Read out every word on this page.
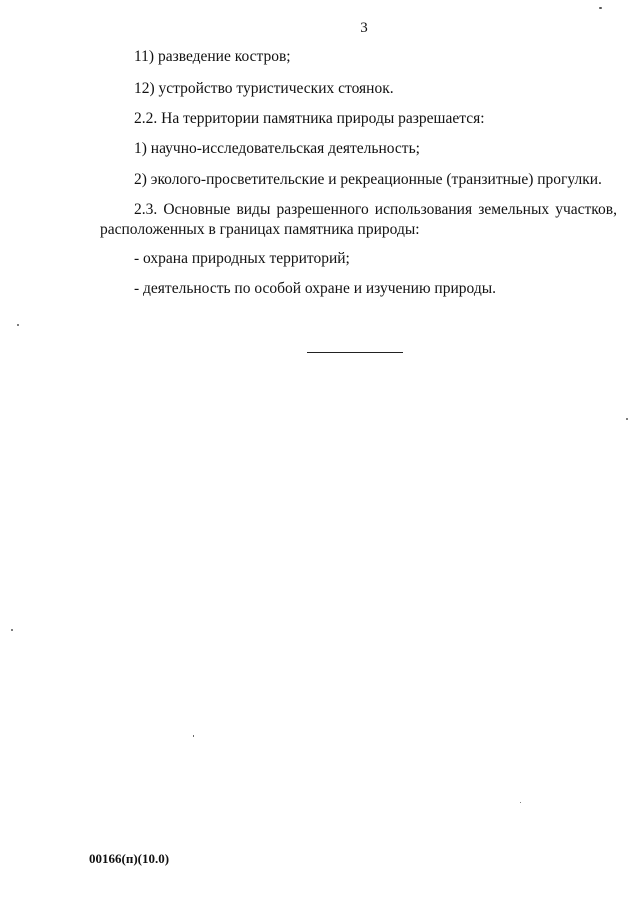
3
11) разведение костров;
12) устройство туристических стоянок.
2.2. На территории памятника природы разрешается:
1) научно-исследовательская деятельность;
2) эколого-просветительские и рекреационные (транзитные) прогулки.
2.3. Основные виды разрешенного использования земельных участков,
расположенных в границах памятника природы:
- охрана природных территорий;
- деятельность по особой охране и изучению природы.
00166(п)(10.0)
